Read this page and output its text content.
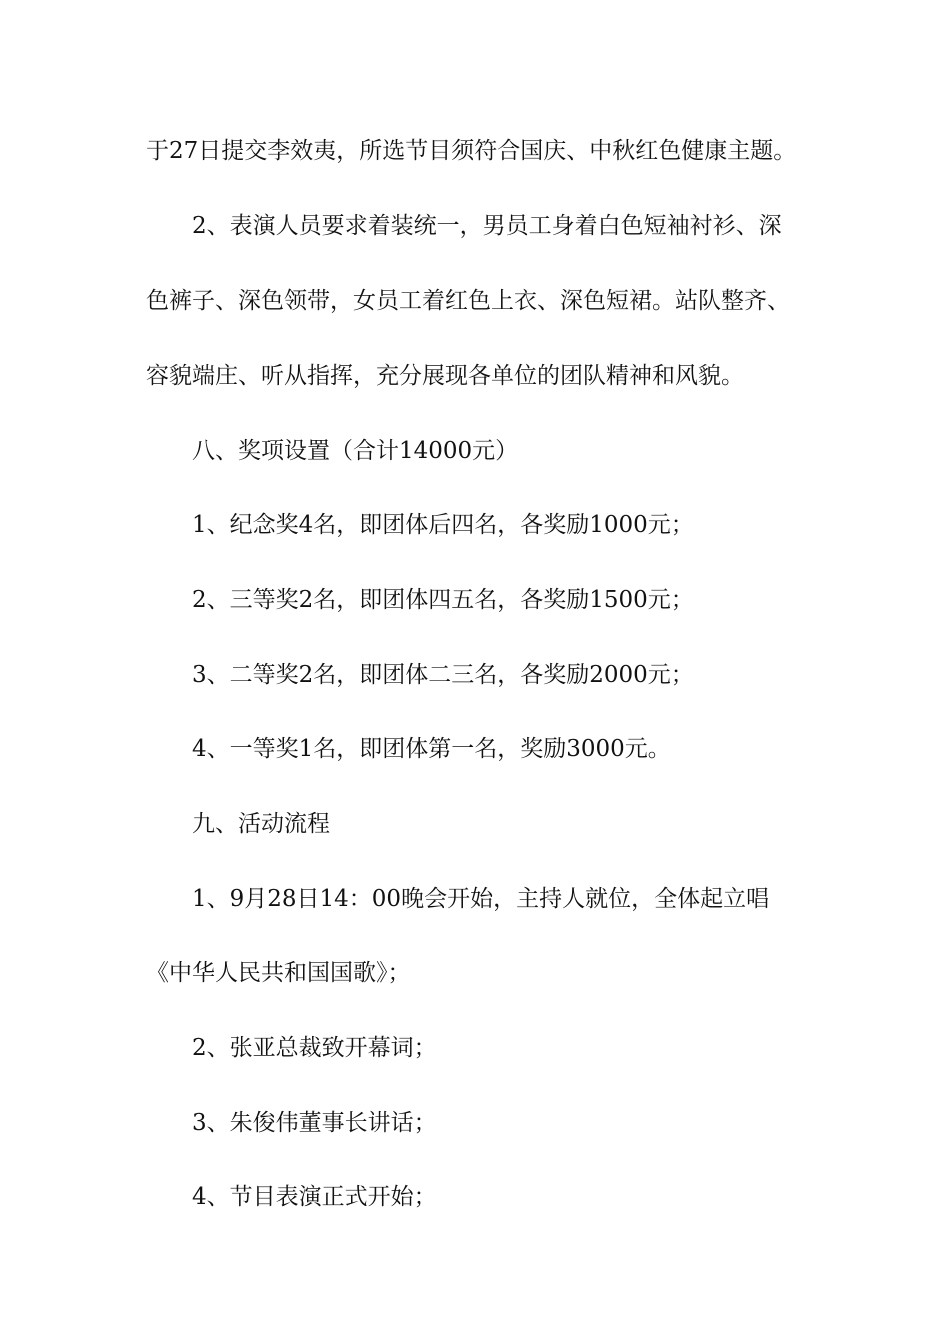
于27日提交李效夷，所选节目须符合国庆、中秋红色健康主题。

2、表演人员要求着装统一，男员工身着白色短袖衬衫、深

色裤子、深色领带，女员工着红色上衣、深色短裙。站队整齐、

容貌端庄、听从指挥，充分展现各单位的团队精神和风貌。

八、奖项设置（合计14000元）

1、纪念奖4名，即团体后四名，各奖励1000元；

2、三等奖2名，即团体四五名，各奖励1500元；

3、二等奖2名，即团体二三名，各奖励2000元；

4、一等奖1名，即团体第一名，奖励3000元。

九、活动流程

1、9月28日14：00晚会开始，主持人就位，全体起立唱

《中华人民共和国国歌》；

2、张亚总裁致开幕词；

3、朱俊伟董事长讲话；

4、节目表演正式开始；
